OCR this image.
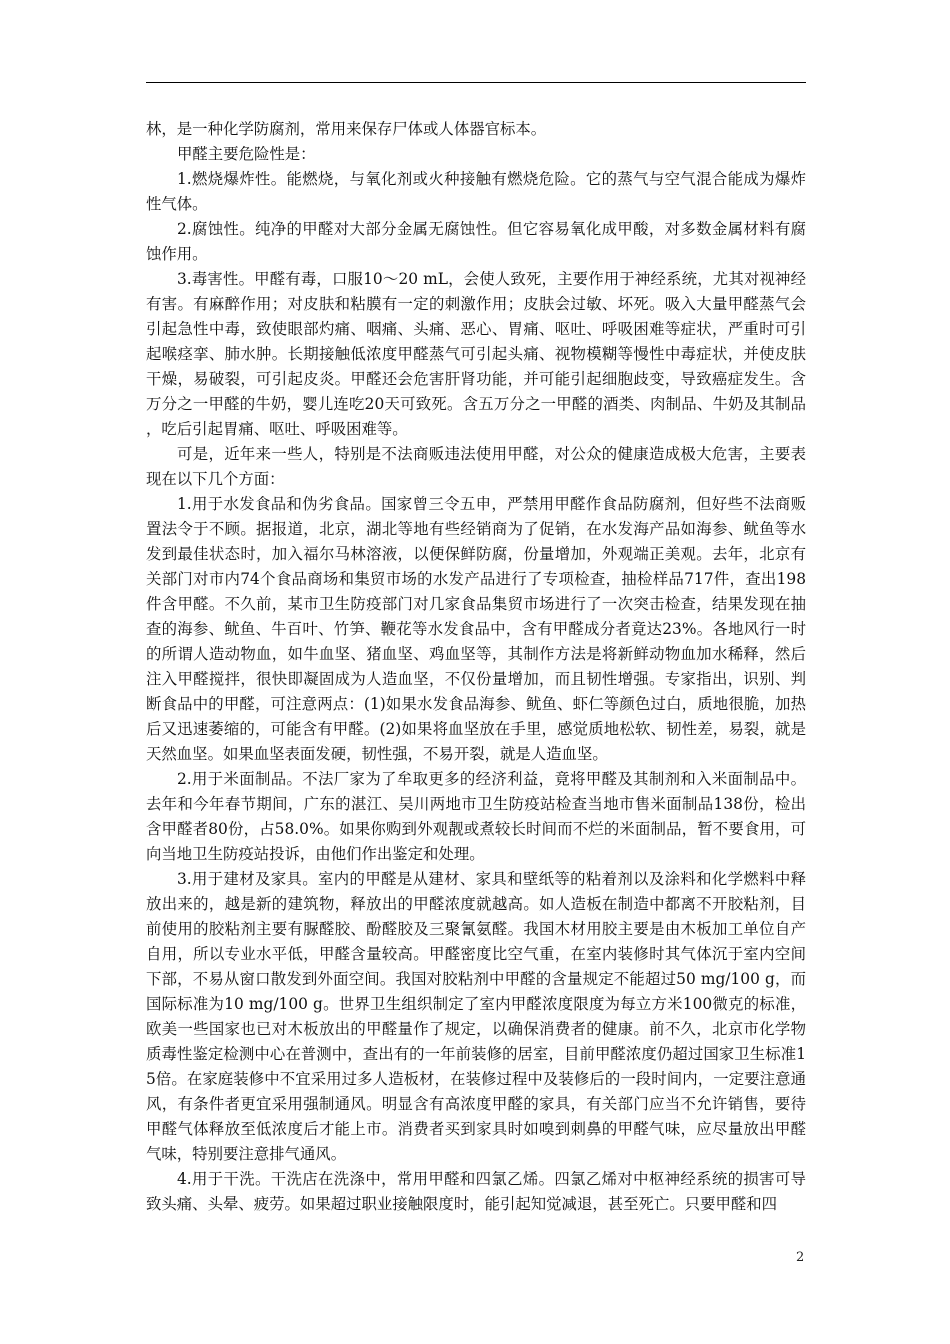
林，是一种化学防腐剂，常用来保存尸体或人体器官标本。

甲醛主要危险性是：

1.燃烧爆炸性。能燃烧，与氧化剂或火种接触有燃烧危险。它的蒸气与空气混合能成为爆炸性气体。

2.腐蚀性。纯净的甲醛对大部分金属无腐蚀性。但它容易氧化成甲酸，对多数金属材料有腐蚀作用。

3.毒害性。甲醛有毒，口服10～20 mL，会使人致死，主要作用于神经系统，尤其对视神经有害。有麻醉作用；对皮肤和粘膜有一定的刺激作用；皮肤会过敏、坏死。吸入大量甲醛蒸气会引起急性中毒，致使眼部灼痛、咽痛、头痛、恶心、胃痛、呕吐、呼吸困难等症状，严重时可引起喉痉挛、肺水肿。长期接触低浓度甲醛蒸气可引起头痛、视物模糊等慢性中毒症状，并使皮肤干燥，易破裂，可引起皮炎。甲醛还会危害肝肾功能，并可能引起细胞歧变，导致癌症发生。含万分之一甲醛的牛奶，婴儿连吃20天可致死。含五万分之一甲醛的酒类、肉制品、牛奶及其制品，吃后引起胃痛、呕吐、呼吸困难等。

可是，近年来一些人，特别是不法商贩违法使用甲醛，对公众的健康造成极大危害，主要表现在以下几个方面：

1.用于水发食品和伪劣食品。国家曾三令五申，严禁用甲醛作食品防腐剂，但好些不法商贩置法令于不顾。据报道，北京，湖北等地有些经销商为了促销，在水发海产品如海参、鱿鱼等水发到最佳状态时，加入福尔马林溶液，以便保鲜防腐，份量增加，外观端正美观。去年，北京有关部门对市内74个食品商场和集贸市场的水发产品进行了专项检查，抽检样品717件，查出198件含甲醛。不久前，某市卫生防疫部门对几家食品集贸市场进行了一次突击检查，结果发现在抽查的海参、鱿鱼、牛百叶、竹笋、鞭花等水发食品中，含有甲醛成分者竟达23%。各地风行一时的所谓人造动物血，如牛血坚、猪血坚、鸡血坚等，其制作方法是将新鲜动物血加水稀释，然后注入甲醛搅拌，很快即凝固成为人造血坚，不仅份量增加，而且韧性增强。专家指出，识别、判断食品中的甲醛，可注意两点：(1)如果水发食品海参、鱿鱼、虾仁等颜色过白，质地很脆，加热后又迅速萎缩的，可能含有甲醛。(2)如果将血坚放在手里，感觉质地松软、韧性差，易裂，就是天然血坚。如果血坚表面发硬，韧性强，不易开裂，就是人造血坚。

2.用于米面制品。不法厂家为了牟取更多的经济利益，竟将甲醛及其制剂和入米面制品中。去年和今年春节期间，广东的湛江、吴川两地市卫生防疫站检查当地市售米面制品138份，检出含甲醛者80份，占58.0%。如果你购到外观靓或煮较长时间而不烂的米面制品，暂不要食用，可向当地卫生防疫站投诉，由他们作出鉴定和处理。

3.用于建材及家具。室内的甲醛是从建材、家具和壁纸等的粘着剂以及涂料和化学燃料中释放出来的，越是新的建筑物，释放出的甲醛浓度就越高。如人造板在制造中都离不开胶粘剂，目前使用的胶粘剂主要有脲醛胶、酚醛胶及三聚氰氨醛。我国木材用胶主要是由木板加工单位自产自用，所以专业水平低，甲醛含量较高。甲醛密度比空气重，在室内装修时其气体沉于室内空间下部，不易从窗口散发到外面空间。我国对胶粘剂中甲醛的含量规定不能超过50 mg/100 g，而国际标准为10 mg/100 g。世界卫生组织制定了室内甲醛浓度限度为每立方米100微克的标准，欧美一些国家也已对木板放出的甲醛量作了规定，以确保消费者的健康。前不久，北京市化学物质毒性鉴定检测中心在普测中，查出有的一年前装修的居室，目前甲醛浓度仍超过国家卫生标准15倍。在家庭装修中不宜采用过多人造板材，在装修过程中及装修后的一段时间内，一定要注意通风，有条件者更宜采用强制通风。明显含有高浓度甲醛的家具，有关部门应当不允许销售，要待甲醛气体释放至低浓度后才能上市。消费者买到家具时如嗅到刺鼻的甲醛气味，应尽量放出甲醛气味，特别要注意排气通风。

4.用于干洗。干洗店在洗涤中，常用甲醛和四氯乙烯。四氯乙烯对中枢神经系统的损害可导致头痛、头晕、疲劳。如果超过职业接触限度时，能引起知觉减退，甚至死亡。只要甲醛和四

2
